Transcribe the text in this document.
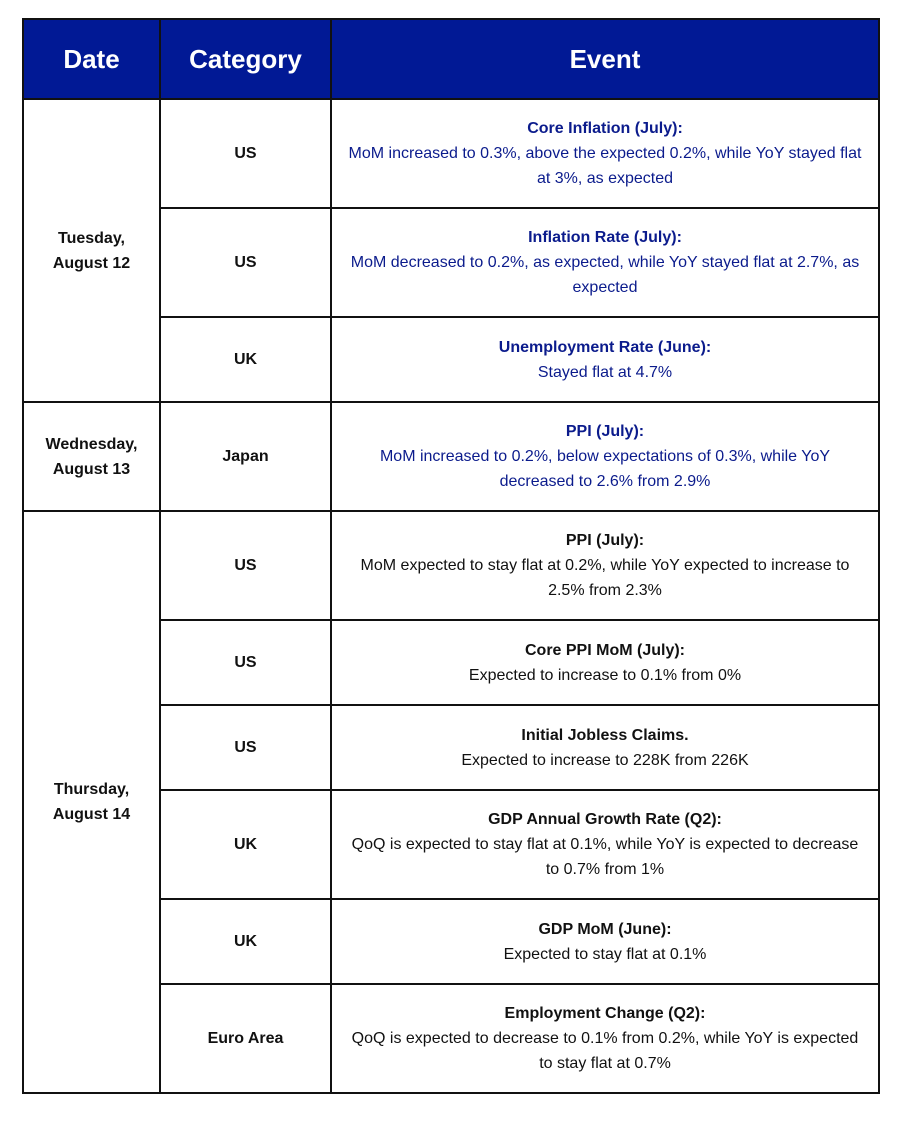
Date	Category	Event
Tuesday, August 12	US	Core Inflation (July):
MoM increased to 0.3%, above the expected 0.2%, while YoY stayed flat at 3%, as expected

	US	Inflation Rate (July):
MoM decreased to 0.2%, as expected, while YoY stayed flat at 2.7%, as expected

	UK	Unemployment Rate (June):
Stayed flat at 4.7%

Wednesday, August 13	Japan	PPI (July):
MoM increased to 0.2%, below expectations of 0.3%, while YoY decreased to 2.6% from 2.9%

Thursday, August 14	US	PPI (July):
MoM expected to stay flat at 0.2%, while YoY expected to increase to 2.5% from 2.3%

	US	Core PPI MoM (July):
Expected to increase to 0.1% from 0%

	US	Initial Jobless Claims.
Expected to increase to 228K from 226K

	UK	GDP Annual Growth Rate (Q2):
QoQ is expected to stay flat at 0.1%, while YoY is expected to decrease to 0.7% from 1%

	UK	GDP MoM (June):
Expected to stay flat at 0.1%

	Euro Area	Employment Change (Q2):
QoQ is expected to decrease to 0.1% from 0.2%, while YoY is expected to stay flat at 0.7%
